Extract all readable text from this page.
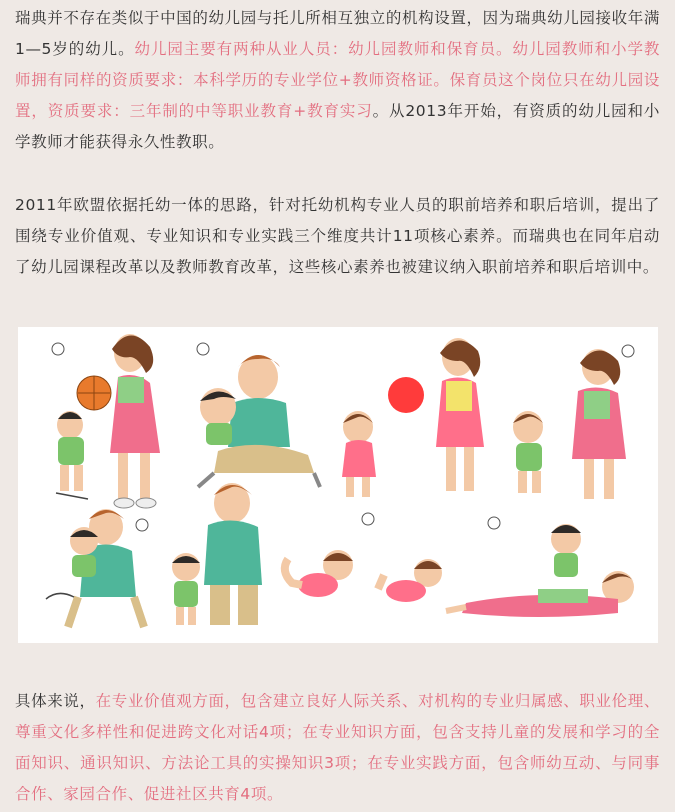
瑞典并不存在类似于中国的幼儿园与托儿所相互独立的机构设置，因为瑞典幼儿园接收年满1—5岁的幼儿。幼儿园主要有两种从业人员：幼儿园教师和保育员。幼儿园教师和小学教师拥有同样的资质要求：本科学历的专业学位+教师资格证。保育员这个岗位只在幼儿园设置，资质要求：三年制的中等职业教育+教育实习。从2013年开始，有资质的幼儿园和小学教师才能获得永久性教职。

2011年欧盟依据托幼一体的思路，针对托幼机构专业人员的职前培养和职后培训，提出了围绕专业价值观、专业知识和专业实践三个维度共计11项核心素养。而瑞典也在同年启动了幼儿园课程改革以及教师教育改革，这些核心素养也被建议纳入职前培养和职后培训中。

具体来说，在专业价值观方面，包含建立良好人际关系、对机构的专业归属感、职业伦理、尊重文化多样性和促进跨文化对话4项；在专业知识方面，包含支持儿童的发展和学习的全面知识、通识知识、方法论工具的实操知识3项；在专业实践方面，包含师幼互动、与同事合作、家园合作、促进社区共育4项。
